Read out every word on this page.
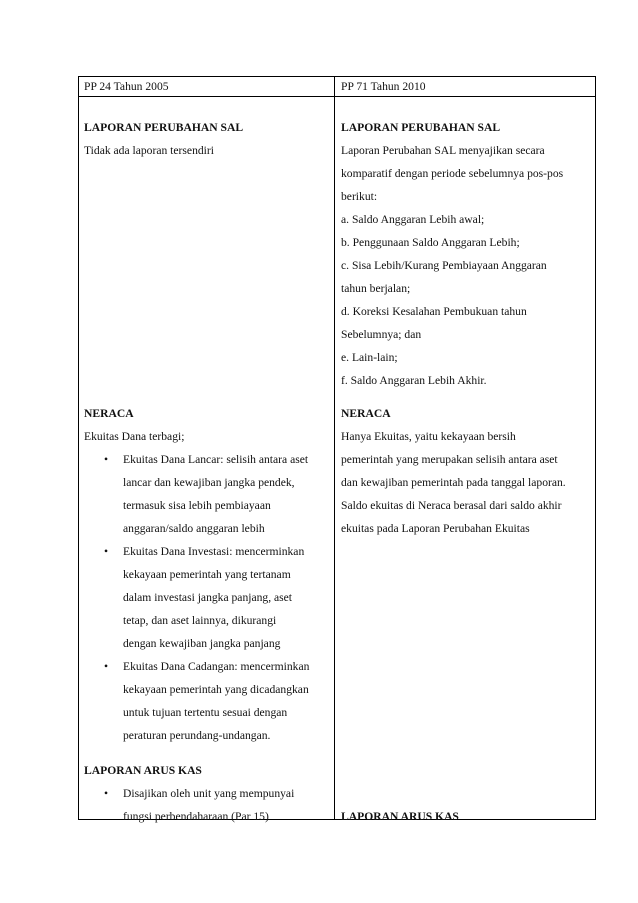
PP 24 Tahun 2005	PP 71 Tahun 2010
LAPORAN PERUBAHAN SAL
Tidak ada laporan tersendiri
NERACA
Ekuitas Dana terbagi;
• Ekuitas Dana Lancar: selisih antara aset
lancar dan kewajiban jangka pendek,
termasuk sisa lebih pembiayaan
anggaran/saldo anggaran lebih
• Ekuitas Dana Investasi: mencerminkan
kekayaan pemerintah yang tertanam
dalam investasi jangka panjang, aset
tetap, dan aset lainnya, dikurangi
dengan kewajiban jangka panjang
• Ekuitas Dana Cadangan: mencerminkan
kekayaan pemerintah yang dicadangkan
untuk tujuan tertentu sesuai dengan
peraturan perundang-undangan.
LAPORAN ARUS KAS
• Disajikan oleh unit yang mempunyai
fungsi perbendaharaan (Par 15)
LAPORAN PERUBAHAN SAL
Laporan Perubahan SAL menyajikan secara
komparatif dengan periode sebelumnya pos-pos
berikut:
a. Saldo Anggaran Lebih awal;
b. Penggunaan Saldo Anggaran Lebih;
c. Sisa Lebih/Kurang Pembiayaan Anggaran
tahun berjalan;
d. Koreksi Kesalahan Pembukuan tahun
Sebelumnya; dan
e. Lain-lain;
f. Saldo Anggaran Lebih Akhir.
NERACA
Hanya Ekuitas, yaitu kekayaan bersih
pemerintah yang merupakan selisih antara aset
dan kewajiban pemerintah pada tanggal laporan.
Saldo ekuitas di Neraca berasal dari saldo akhir
ekuitas pada Laporan Perubahan Ekuitas
LAPORAN ARUS KAS
